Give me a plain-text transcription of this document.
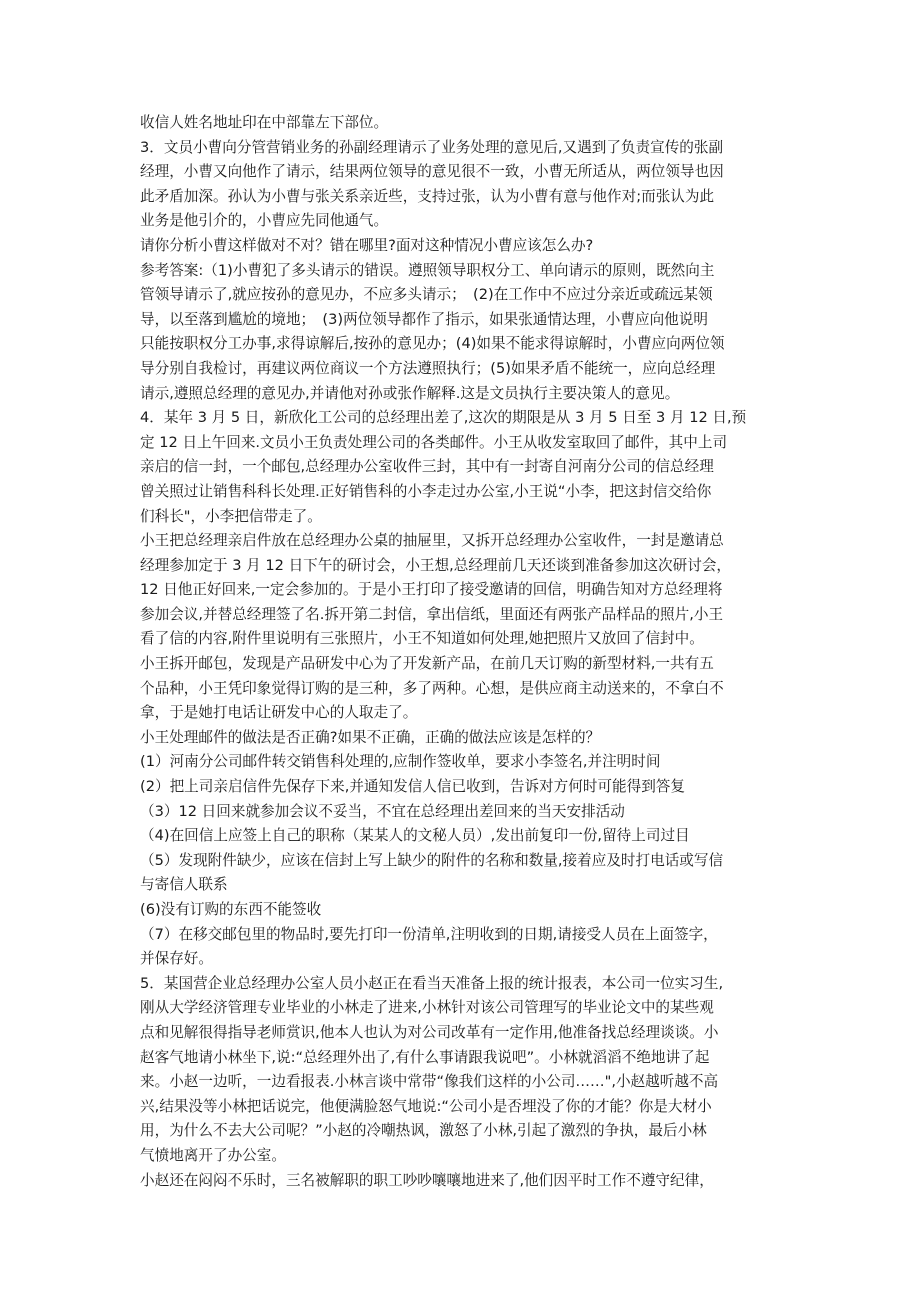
收信人姓名地址印在中部靠左下部位。
3．文员小曹向分管营销业务的孙副经理请示了业务处理的意见后,又遇到了负责宣传的张副
经理，小曹又向他作了请示，结果两位领导的意见很不一致，小曹无所适从，两位领导也因
此矛盾加深。孙认为小曹与张关系亲近些，支持过张，认为小曹有意与他作对;而张认为此
业务是他引介的，小曹应先同他通气。
请你分析小曹这样做对不对？错在哪里?面对这种情况小曹应该怎么办?
参考答案:（1)小曹犯了多头请示的错误。遵照领导职权分工、单向请示的原则，既然向主
管领导请示了,就应按孙的意见办，不应多头请示；　(2)在工作中不应过分亲近或疏远某领
导，以至落到尴尬的境地；　(3)两位领导都作了指示，如果张通情达理，小曹应向他说明
只能按职权分工办事,求得谅解后,按孙的意见办；(4)如果不能求得谅解时，小曹应向两位领
导分别自我检讨，再建议两位商议一个方法遵照执行；(5)如果矛盾不能统一，应向总经理
请示,遵照总经理的意见办,并请他对孙或张作解释.这是文员执行主要决策人的意见。
4．某年 3 月 5 日，新欣化工公司的总经理出差了,这次的期限是从 3 月 5 日至 3 月 12 日,预
定 12 日上午回来.文员小王负责处理公司的各类邮件。小王从收发室取回了邮件，其中上司
亲启的信一封，一个邮包,总经理办公室收件三封，其中有一封寄自河南分公司的信总经理
曾关照过让销售科科长处理.正好销售科的小李走过办公室,小王说“小李，把这封信交给你
们科长"，小李把信带走了。
小王把总经理亲启件放在总经理办公桌的抽屉里，又拆开总经理办公室收件，一封是邀请总
经理参加定于 3 月 12 日下午的研讨会，小王想,总经理前几天还谈到准备参加这次研讨会，
12 日他正好回来,一定会参加的。于是小王打印了接受邀请的回信，明确告知对方总经理将
参加会议,并替总经理签了名.拆开第二封信，拿出信纸，里面还有两张产品样品的照片,小王
看了信的内容,附件里说明有三张照片，小王不知道如何处理,她把照片又放回了信封中。
小王拆开邮包，发现是产品研发中心为了开发新产品，在前几天订购的新型材料,一共有五
个品种，小王凭印象觉得订购的是三种，多了两种。心想，是供应商主动送来的，不拿白不
拿，于是她打电话让研发中心的人取走了。
小王处理邮件的做法是否正确?如果不正确，正确的做法应该是怎样的？
(1）河南分公司邮件转交销售科处理的,应制作签收单，要求小李签名,并注明时间
(2）把上司亲启信件先保存下来,并通知发信人信已收到，告诉对方何时可能得到答复
（3）12 日回来就参加会议不妥当，不宜在总经理出差回来的当天安排活动
（4)在回信上应签上自己的职称（某某人的文秘人员）,发出前复印一份,留待上司过目
（5）发现附件缺少，应该在信封上写上缺少的附件的名称和数量,接着应及时打电话或写信
与寄信人联系
(6)没有订购的东西不能签收
（7）在移交邮包里的物品时,要先打印一份清单,注明收到的日期,请接受人员在上面签字，
并保存好。
5．某国营企业总经理办公室人员小赵正在看当天准备上报的统计报表，本公司一位实习生,
刚从大学经济管理专业毕业的小林走了进来,小林针对该公司管理写的毕业论文中的某些观
点和见解很得指导老师赏识,他本人也认为对公司改革有一定作用,他准备找总经理谈谈。小
赵客气地请小林坐下,说:“总经理外出了,有什么事请跟我说吧”。小林就滔滔不绝地讲了起
来。小赵一边听，一边看报表.小林言谈中常带“像我们这样的小公司……",小赵越听越不高
兴,结果没等小林把话说完，他便满脸怒气地说:“公司小是否埋没了你的才能？你是大材小
用，为什么不去大公司呢？”小赵的冷嘲热讽，激怒了小林,引起了激烈的争执，最后小林
气愤地离开了办公室。
小赵还在闷闷不乐时，三名被解职的职工吵吵嚷嚷地进来了,他们因平时工作不遵守纪律，
